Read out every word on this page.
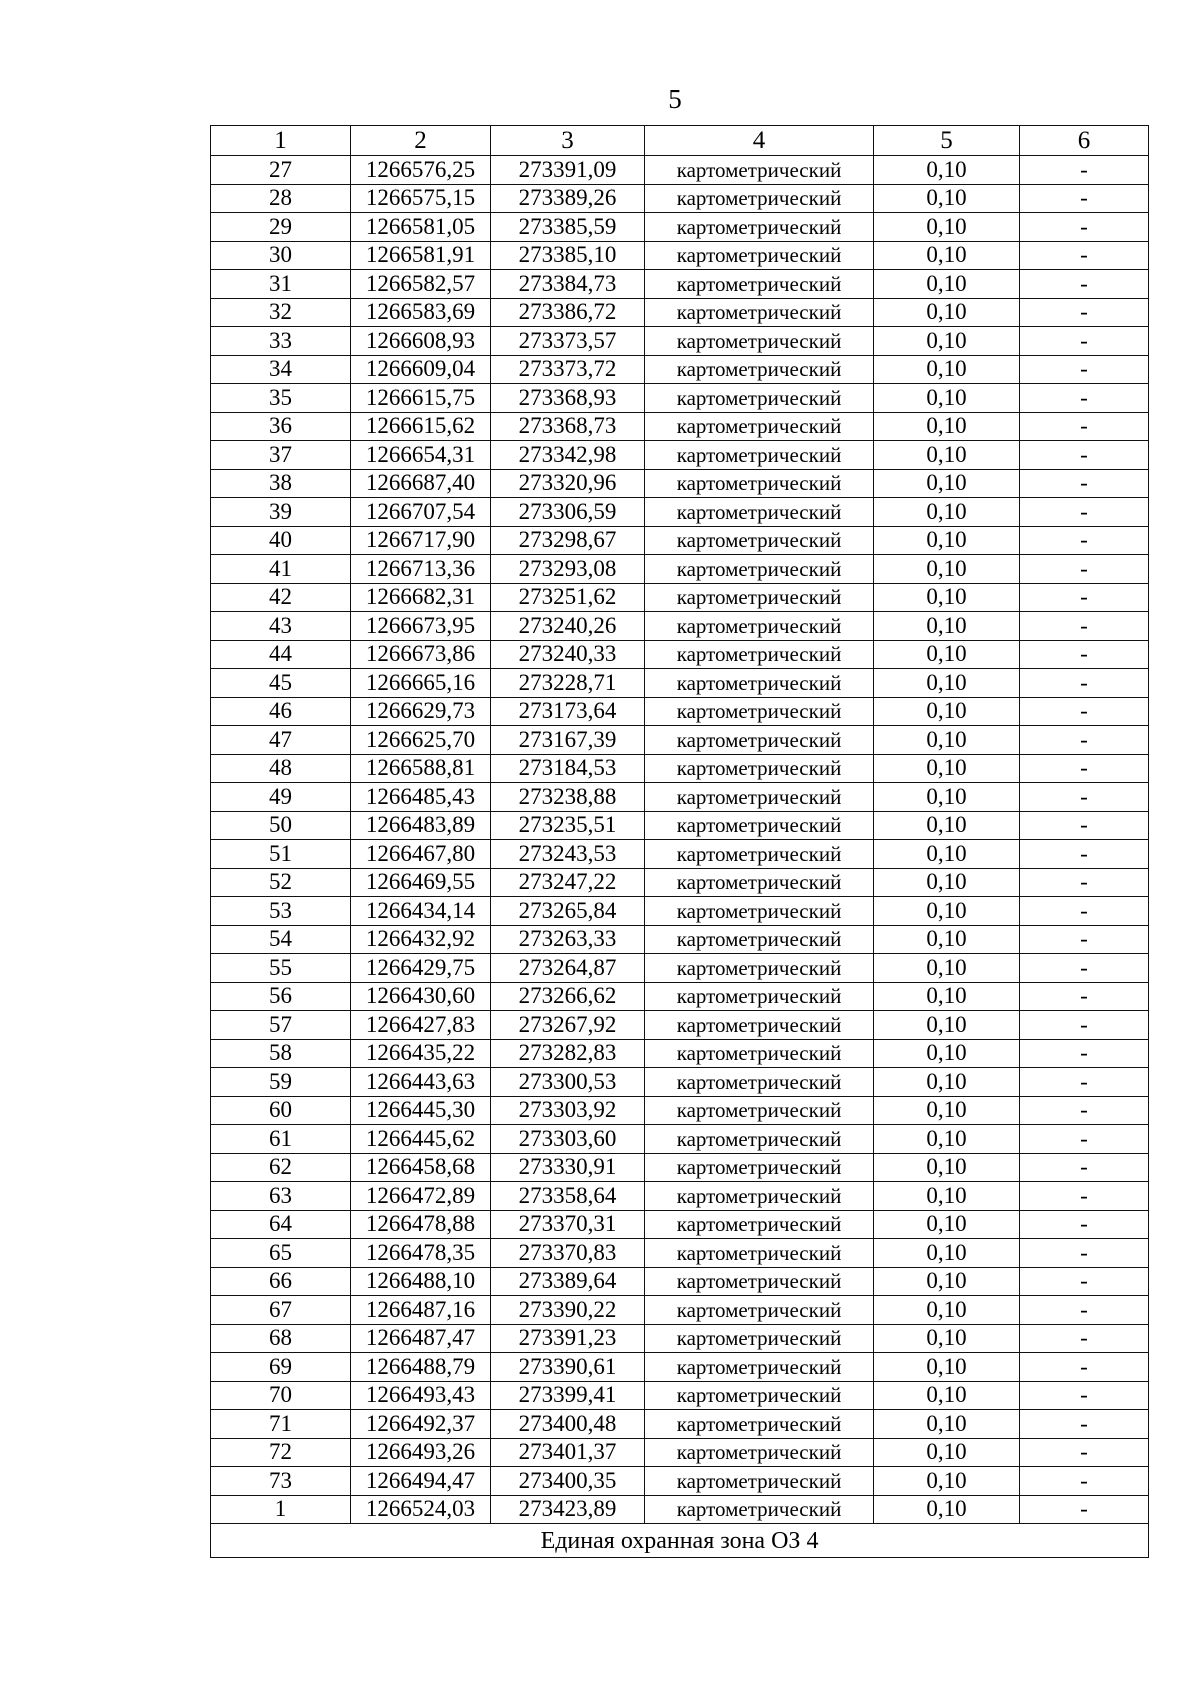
5
1	2	3	4	5	6
27	1266576,25	273391,09	картометрический	0,10	-
28	1266575,15	273389,26	картометрический	0,10	-
29	1266581,05	273385,59	картометрический	0,10	-
30	1266581,91	273385,10	картометрический	0,10	-
31	1266582,57	273384,73	картометрический	0,10	-
32	1266583,69	273386,72	картометрический	0,10	-
33	1266608,93	273373,57	картометрический	0,10	-
34	1266609,04	273373,72	картометрический	0,10	-
35	1266615,75	273368,93	картометрический	0,10	-
36	1266615,62	273368,73	картометрический	0,10	-
37	1266654,31	273342,98	картометрический	0,10	-
38	1266687,40	273320,96	картометрический	0,10	-
39	1266707,54	273306,59	картометрический	0,10	-
40	1266717,90	273298,67	картометрический	0,10	-
41	1266713,36	273293,08	картометрический	0,10	-
42	1266682,31	273251,62	картометрический	0,10	-
43	1266673,95	273240,26	картометрический	0,10	-
44	1266673,86	273240,33	картометрический	0,10	-
45	1266665,16	273228,71	картометрический	0,10	-
46	1266629,73	273173,64	картометрический	0,10	-
47	1266625,70	273167,39	картометрический	0,10	-
48	1266588,81	273184,53	картометрический	0,10	-
49	1266485,43	273238,88	картометрический	0,10	-
50	1266483,89	273235,51	картометрический	0,10	-
51	1266467,80	273243,53	картометрический	0,10	-
52	1266469,55	273247,22	картометрический	0,10	-
53	1266434,14	273265,84	картометрический	0,10	-
54	1266432,92	273263,33	картометрический	0,10	-
55	1266429,75	273264,87	картометрический	0,10	-
56	1266430,60	273266,62	картометрический	0,10	-
57	1266427,83	273267,92	картометрический	0,10	-
58	1266435,22	273282,83	картометрический	0,10	-
59	1266443,63	273300,53	картометрический	0,10	-
60	1266445,30	273303,92	картометрический	0,10	-
61	1266445,62	273303,60	картометрический	0,10	-
62	1266458,68	273330,91	картометрический	0,10	-
63	1266472,89	273358,64	картометрический	0,10	-
64	1266478,88	273370,31	картометрический	0,10	-
65	1266478,35	273370,83	картометрический	0,10	-
66	1266488,10	273389,64	картометрический	0,10	-
67	1266487,16	273390,22	картометрический	0,10	-
68	1266487,47	273391,23	картометрический	0,10	-
69	1266488,79	273390,61	картометрический	0,10	-
70	1266493,43	273399,41	картометрический	0,10	-
71	1266492,37	273400,48	картометрический	0,10	-
72	1266493,26	273401,37	картометрический	0,10	-
73	1266494,47	273400,35	картометрический	0,10	-
1	1266524,03	273423,89	картометрический	0,10	-
Единая охранная зона ОЗ 4					
